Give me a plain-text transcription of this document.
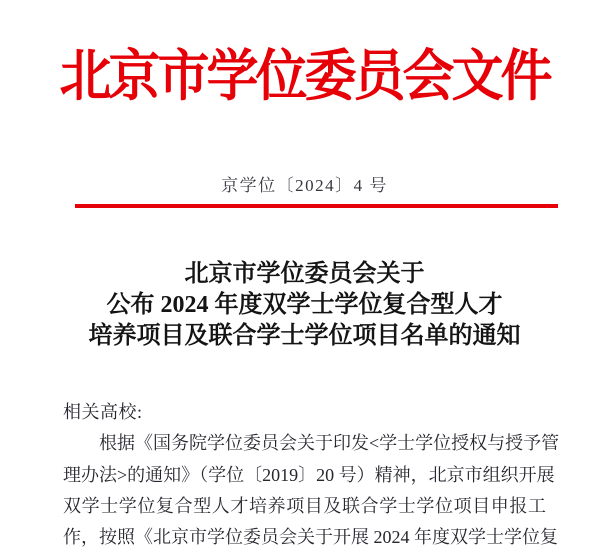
北京市学位委员会文件
京学位〔2024〕4 号
北京市学位委员会关于
公布 2024 年度双学士学位复合型人才
培养项目及联合学士学位项目名单的通知
相关高校:
根据《国务院学位委员会关于印发<学士学位授权与授予管
理办法>的通知》（学位〔2019〕20 号）精神，北京市组织开展
双学士学位复合型人才培养项目及联合学士学位项目申报工
作，按照《北京市学位委员会关于开展 2024 年度双学士学位复
